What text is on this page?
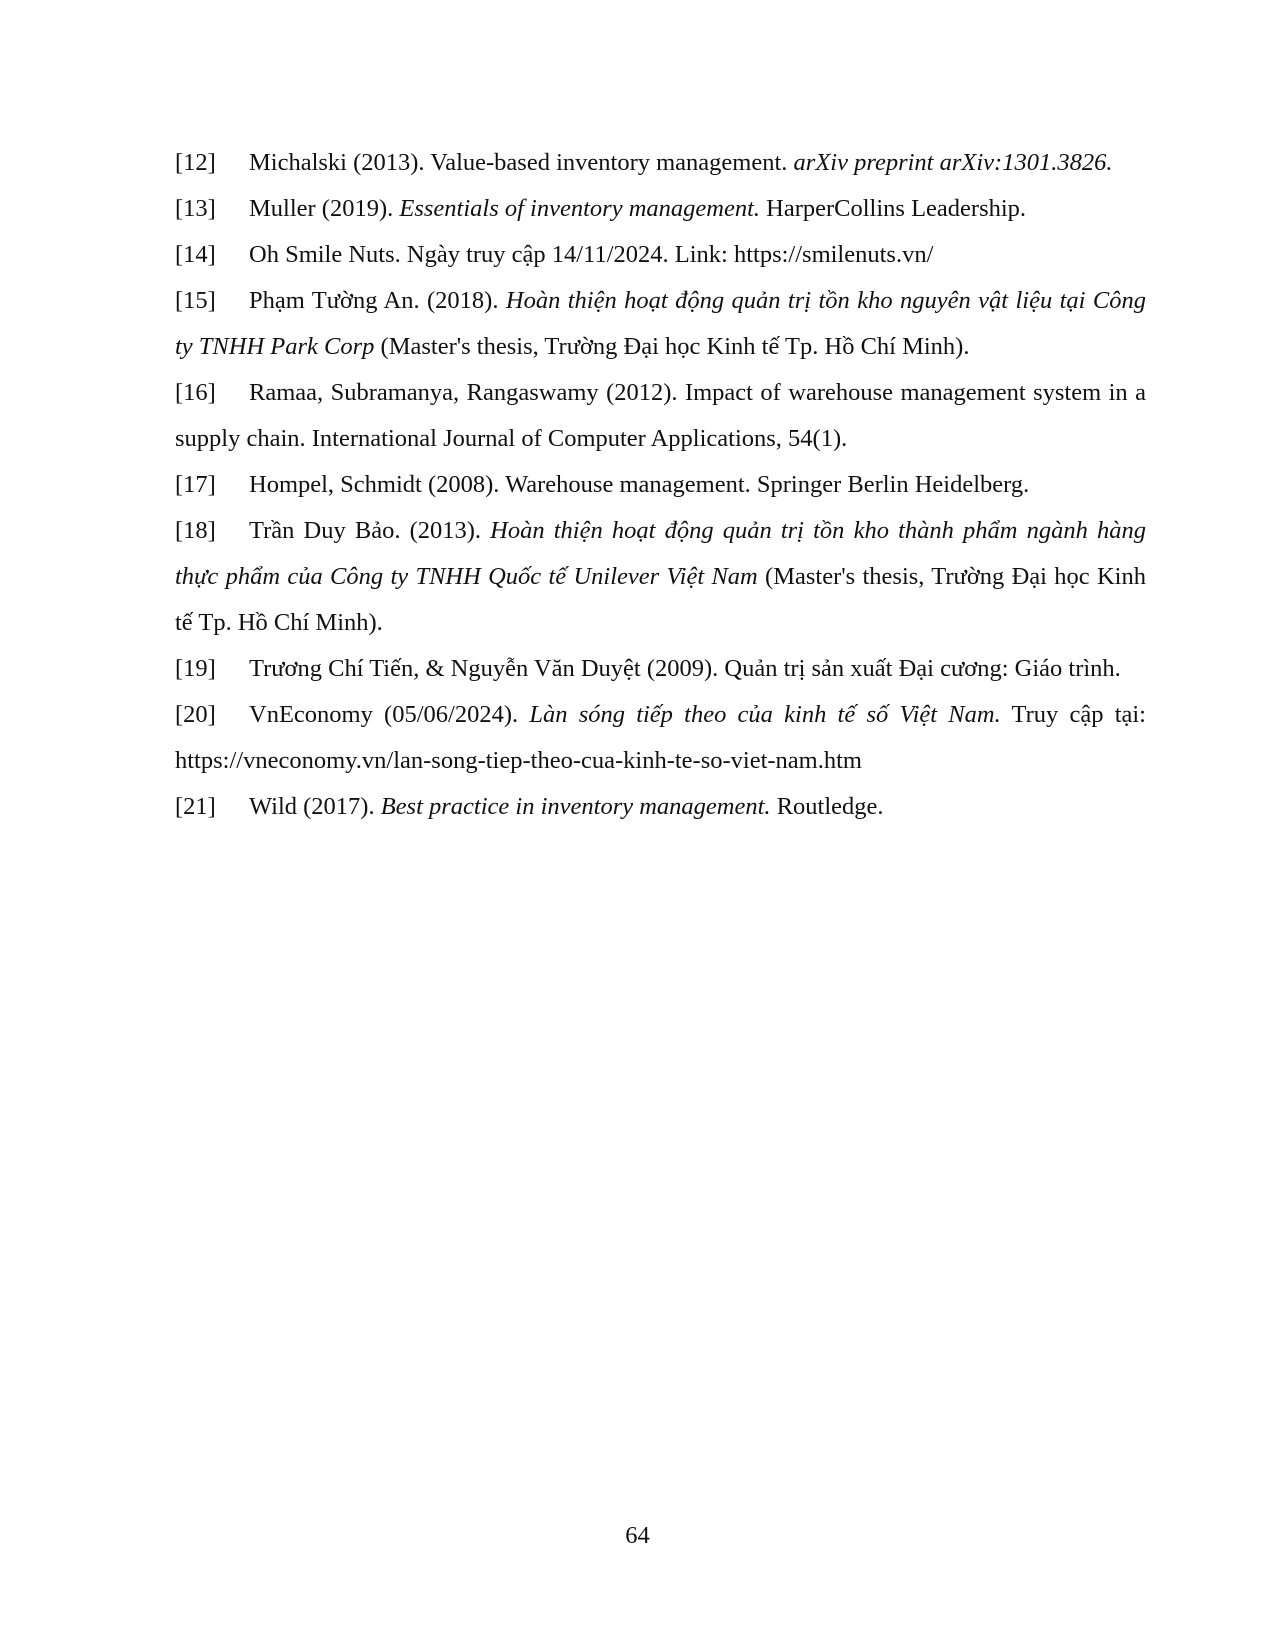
[12] Michalski (2013). Value-based inventory management. arXiv preprint arXiv:1301.3826.

[13] Muller (2019). Essentials of inventory management. HarperCollins Leadership.

[14] Oh Smile Nuts. Ngày truy cập 14/11/2024. Link: https://smilenuts.vn/

[15] Phạm Tường An. (2018). Hoàn thiện hoạt động quản trị tồn kho nguyên vật liệu tại Công ty TNHH Park Corp (Master's thesis, Trường Đại học Kinh tế Tp. Hồ Chí Minh).

[16] Ramaa, Subramanya, Rangaswamy (2012). Impact of warehouse management system in a supply chain. International Journal of Computer Applications, 54(1).

[17] Hompel, Schmidt (2008). Warehouse management. Springer Berlin Heidelberg.

[18] Trần Duy Bảo. (2013). Hoàn thiện hoạt động quản trị tồn kho thành phẩm ngành hàng thực phẩm của Công ty TNHH Quốc tế Unilever Việt Nam (Master's thesis, Trường Đại học Kinh tế Tp. Hồ Chí Minh).

[19] Trương Chí Tiến, & Nguyễn Văn Duyệt (2009). Quản trị sản xuất Đại cương: Giáo trình.

[20] VnEconomy (05/06/2024). Làn sóng tiếp theo của kinh tế số Việt Nam. Truy cập tại: https://vneconomy.vn/lan-song-tiep-theo-cua-kinh-te-so-viet-nam.htm

[21] Wild (2017). Best practice in inventory management. Routledge.

64
